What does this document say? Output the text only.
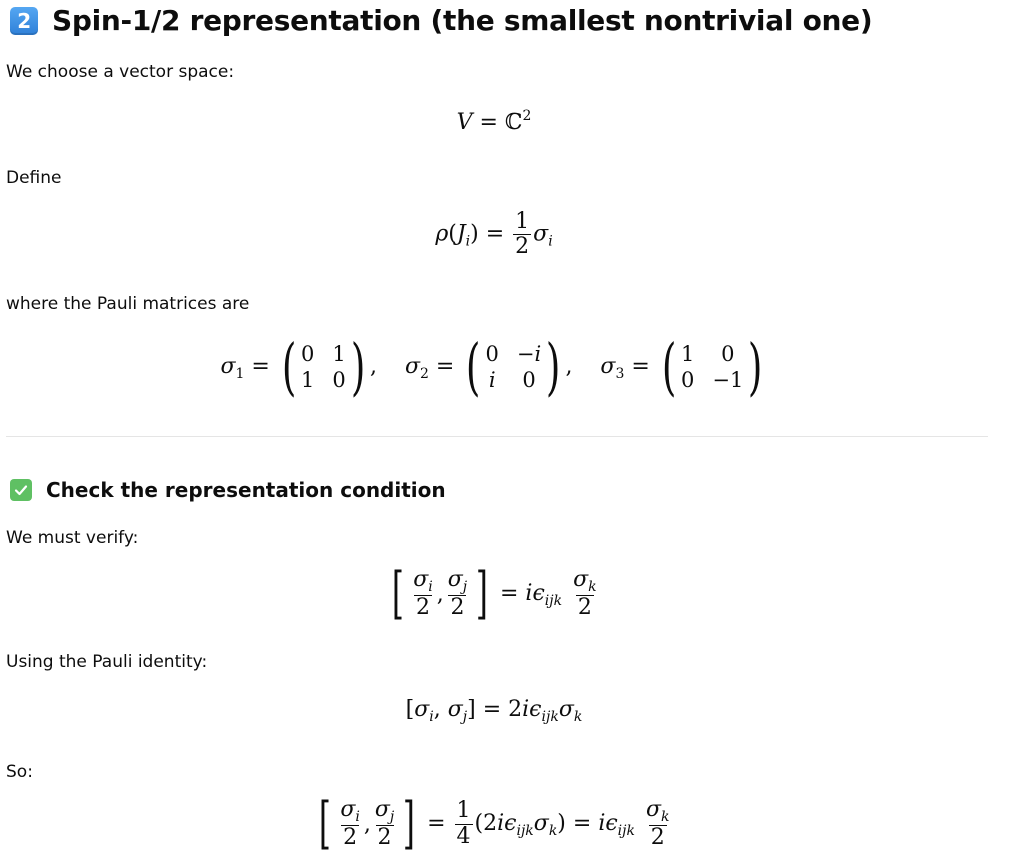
2 Spin-1/2 representation (the smallest nontrivial one)
We choose a vector space:
V = ℂ$^2$
Define
$\rho(J_i) = \frac{1}{2} \sigma_i$
where the Pauli matrices are
$\sigma_1$ = ( 0 1
1 0 ) ,    $\sigma_2$ = ( 0 −i
i 0 ) ,    $\sigma_3$ = ( 1	0
0 −1 )
Check the representation condition
We must verify:
[ $\frac{\sigma_i}{2}$ , $\frac{\sigma_j}{2}$ ] = $i\epsilon_{ijk} \frac{\sigma_k}{2}$
Using the Pauli identity:
[$\sigma_i$, $\sigma_j] = 2i\epsilon_{ijk}\sigma_k$
So:
[ $\frac{\sigma_i}{2}$ , $\frac{\sigma_j}{2}$ ] = $\frac{1}{4} (2i\epsilon_{ijk}\sigma_k) = i\epsilon_{ijk} \frac{\sigma_k}{2}$
